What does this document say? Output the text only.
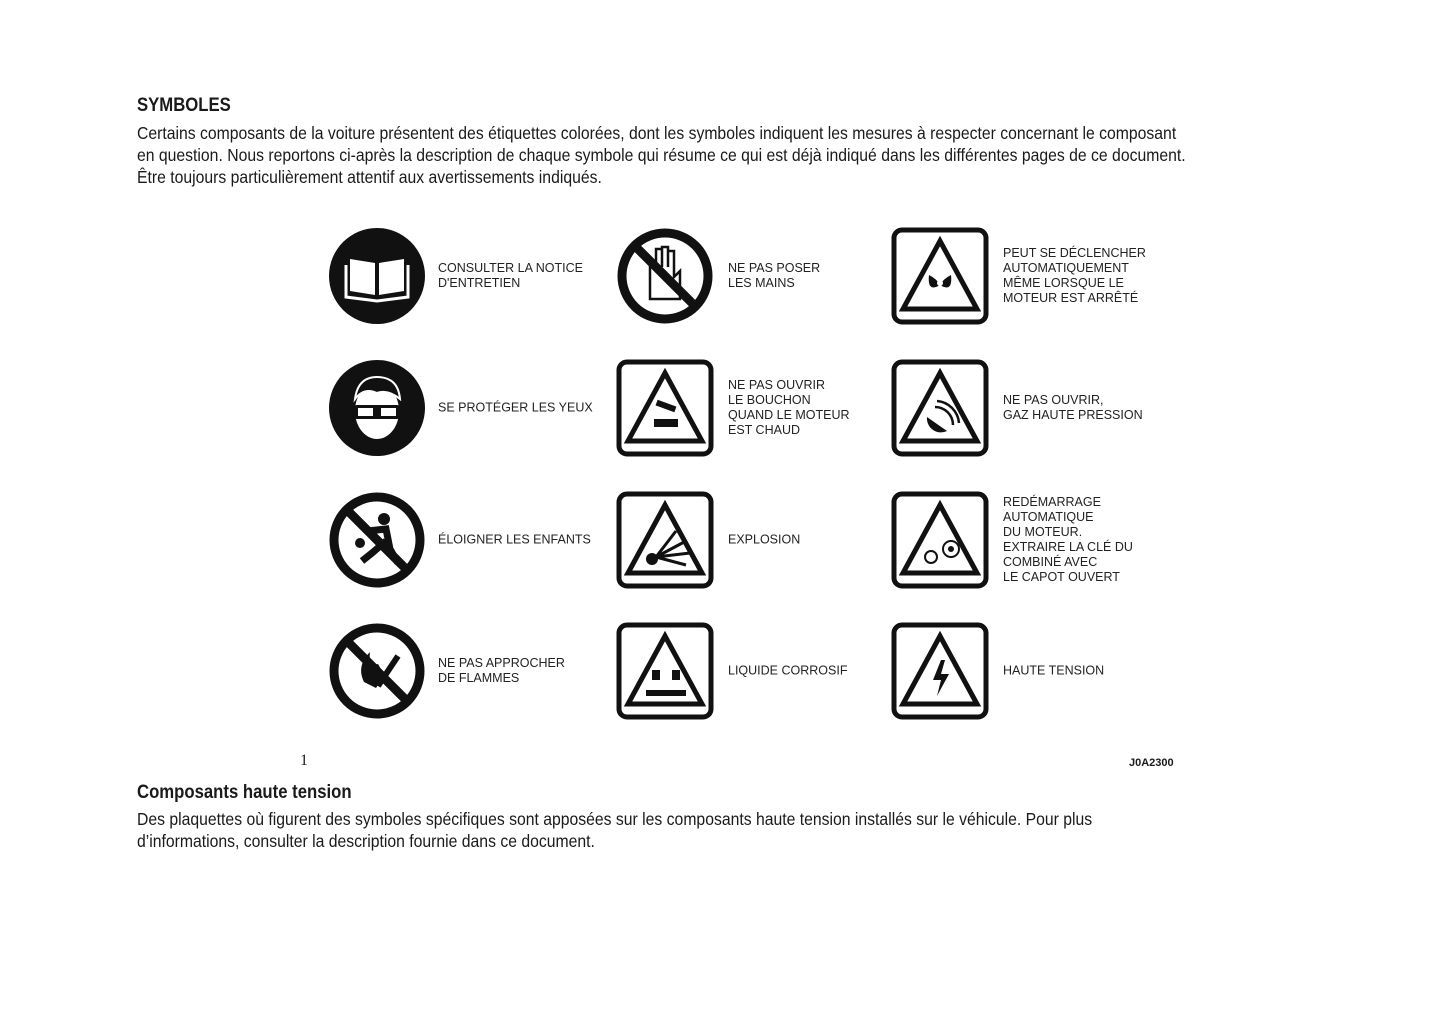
SYMBOLES
Certains composants de la voiture présentent des étiquettes colorées, dont les symboles indiquent les mesures à respecter concernant le composant
en question. Nous reportons ci-après la description de chaque symbole qui résume ce qui est déjà indiqué dans les différentes pages de ce document.
Être toujours particulièrement attentif aux avertissements indiqués.
CONSULTER LA NOTICE
D'ENTRETIEN
SE PROTÉGER LES YEUX
ÉLOIGNER LES ENFANTS
NE PAS APPROCHER
DE FLAMMES
NE PAS POSER
LES MAINS
NE PAS OUVRIR
LE BOUCHON
QUAND LE MOTEUR
EST CHAUD
EXPLOSION
LIQUIDE CORROSIF
PEUT SE DÉCLENCHER
AUTOMATIQUEMENT
MÊME LORSQUE LE
MOTEUR EST ARRÊTÉ
NE PAS OUVRIR,
GAZ HAUTE PRESSION
REDÉMARRAGE
AUTOMATIQUE
DU MOTEUR.
EXTRAIRE LA CLÉ DU
COMBINÉ AVEC
LE CAPOT OUVERT
HAUTE TENSION
1	J0A2300
Composants haute tension
Des plaquettes où figurent des symboles spécifiques sont apposées sur les composants haute tension installés sur le véhicule. Pour plus
d’informations, consulter la description fournie dans ce document.
